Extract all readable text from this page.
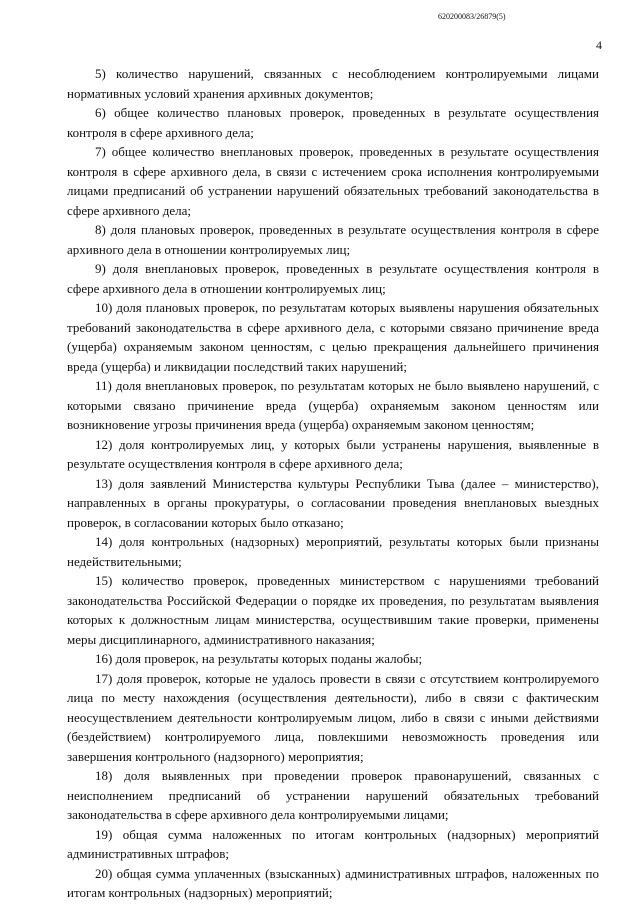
620200083/26879(5)
4

5) количество нарушений, связанных с несоблюдением контролируемыми лицами нормативных условий хранения архивных документов;

6) общее количество плановых проверок, проведенных в результате осуществления контроля в сфере архивного дела;

7) общее количество внеплановых проверок, проведенных в результате осуществления контроля в сфере архивного дела, в связи с истечением срока исполнения контролируемыми лицами предписаний об устранении нарушений обязательных требований законодательства в сфере архивного дела;

8) доля плановых проверок, проведенных в результате осуществления контроля в сфере архивного дела в отношении контролируемых лиц;

9) доля внеплановых проверок, проведенных в результате осуществления контроля в сфере архивного дела в отношении контролируемых лиц;

10) доля плановых проверок, по результатам которых выявлены нарушения обязательных требований законодательства в сфере архивного дела, с которыми связано причинение вреда (ущерба) охраняемым законом ценностям, с целью прекращения дальнейшего причинения вреда (ущерба) и ликвидации последствий таких нарушений;

11) доля внеплановых проверок, по результатам которых не было выявлено нарушений, с которыми связано причинение вреда (ущерба) охраняемым законом ценностям или возникновение угрозы причинения вреда (ущерба) охраняемым законом ценностям;

12) доля контролируемых лиц, у которых были устранены нарушения, выявленные в результате осуществления контроля в сфере архивного дела;

13) доля заявлений Министерства культуры Республики Тыва (далее – министерство), направленных в органы прокуратуры, о согласовании проведения внеплановых выездных проверок, в согласовании которых было отказано;

14) доля контрольных (надзорных) мероприятий, результаты которых были признаны недействительными;

15) количество проверок, проведенных министерством с нарушениями требований законодательства Российской Федерации о порядке их проведения, по результатам выявления которых к должностным лицам министерства, осуществившим такие проверки, применены меры дисциплинарного, административного наказания;

16) доля проверок, на результаты которых поданы жалобы;

17) доля проверок, которые не удалось провести в связи с отсутствием контролируемого лица по месту нахождения (осуществления деятельности), либо в связи с фактическим неосуществлением деятельности контролируемым лицом, либо в связи с иными действиями (бездействием) контролируемого лица, повлекшими невозможность проведения или завершения контрольного (надзорного) мероприятия;

18) доля выявленных при проведении проверок правонарушений, связанных с неисполнением предписаний об устранении нарушений обязательных требований законодательства в сфере архивного дела контролируемыми лицами;

19) общая сумма наложенных по итогам контрольных (надзорных) мероприятий административных штрафов;

20) общая сумма уплаченных (взысканных) административных штрафов, наложенных по итогам контрольных (надзорных) мероприятий;
